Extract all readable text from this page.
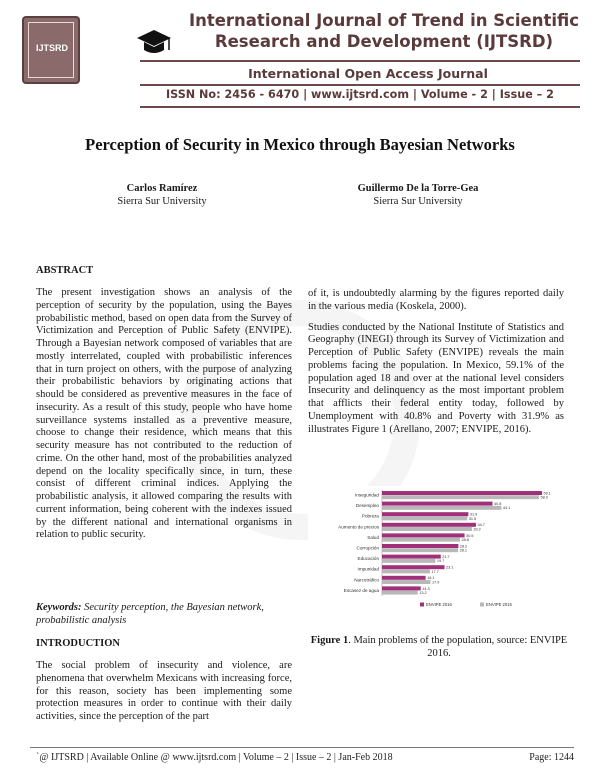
IJTSRD
International Journal of Trend in Scientific Research and Development (IJTSRD)
International Open Access Journal
ISSN No: 2456 - 6470 | www.ijtsrd.com | Volume - 2 | Issue – 2
Perception of Security in Mexico through Bayesian Networks
Carlos Ramírez
Sierra Sur University
Guillermo De la Torre-Gea
Sierra Sur University
ABSTRACT

The present investigation shows an analysis of the perception of security by the population, using the Bayes probabilistic method, based on open data from the Survey of Victimization and Perception of Public Safety (ENVIPE). Through a Bayesian network composed of variables that are mostly interrelated, coupled with probabilistic inferences that in turn project on others, with the purpose of analyzing their probabilistic behaviors by originating actions that should be considered as preventive measures in the face of insecurity. As a result of this study, people who have home surveillance systems installed as a preventive measure, choose to change their residence, which means that this security measure has not contributed to the reduction of crime. On the other hand, most of the probabilities analyzed depend on the locality specifically since, in turn, these consist of different criminal indices. Applying the probabilistic analysis, it allowed comparing the results with current information, being coherent with the indexes issued by the different national and international organisms in relation to public security.

Keywords: Security perception, the Bayesian network, probabilistic analysis
INTRODUCTION

The social problem of insecurity and violence, are phenomena that overwhelm Mexicans with increasing force, for this reason, society has been implementing some protection measures in order to continue with their daily activities, since the perception of the part

of it, is undoubtedly alarming by the figures reported daily in the various media (Koskela, 2000).

Studies conducted by the National Institute of Statistics and Geography (INEGI) through its Survey of Victimization and Perception of Public Safety (ENVIPE) reveals the main problems facing the population. In Mexico, 59.1% of the population aged 18 and over at the national level considers Insecurity and delinquency as the most important problem that afflicts their federal entity today, followed by Unemployment with 40.8% and Poverty with 31.9% as illustrates Figure 1 (Arellano, 2007; ENVIPE, 2016).

Inseguridad	59.1
58.0
Desempleo	40.8
44.1
Pobreza	31.9
31.5
Aumento de precios	34.7
33.2
Salud	30.5
28.8
Corrupción	28.2
28.1
Educación	21.7
19.7
Impunidad	23.1
17.7
Narcotráfico	16.1
17.9
Escasez de agua	14.3
13.2
ENVIPE 2016	ENVIPE 2015
Figure 1. Main problems of the population, source: ENVIPE 2016.
`@ IJTSRD | Available Online @ www.ijtsrd.com | Volume – 2 | Issue – 2 | Jan-Feb 2018	Page: 1244
